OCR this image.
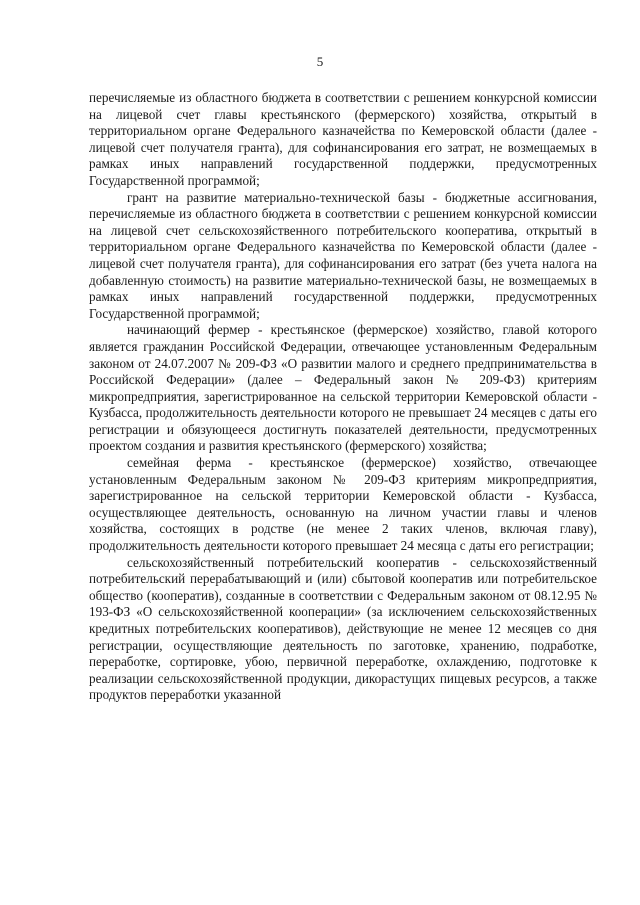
5

перечисляемые из областного бюджета в соответствии с решением конкурсной комиссии на лицевой счет главы крестьянского (фермерского) хозяйства, открытый в территориальном органе Федерального казначейства по Кемеровской области (далее - лицевой счет получателя гранта), для софинансирования его затрат, не возмещаемых в рамках иных направлений государственной поддержки, предусмотренных Государственной программой;

грант на развитие материально-технической базы - бюджетные ассигнования, перечисляемые из областного бюджета в соответствии с решением конкурсной комиссии на лицевой счет сельскохозяйственного потребительского кооператива, открытый в территориальном органе Федерального казначейства по Кемеровской области (далее - лицевой счет получателя гранта), для софинансирования его затрат (без учета налога на добавленную стоимость) на развитие материально-технической базы, не возмещаемых в рамках иных направлений государственной поддержки, предусмотренных Государственной программой;

начинающий фермер - крестьянское (фермерское) хозяйство, главой которого является гражданин Российской Федерации, отвечающее установленным Федеральным законом от 24.07.2007 № 209-ФЗ «О развитии малого и среднего предпринимательства в Российской Федерации» (далее – Федеральный закон № 209-ФЗ) критериям микропредприятия, зарегистрированное на сельской территории Кемеровской области - Кузбасса, продолжительность деятельности которого не превышает 24 месяцев с даты его регистрации и обязующееся достигнуть показателей деятельности, предусмотренных проектом создания и развития крестьянского (фермерского) хозяйства;

семейная ферма - крестьянское (фермерское) хозяйство, отвечающее установленным Федеральным законом № 209-ФЗ критериям микропредприятия, зарегистрированное на сельской территории Кемеровской области - Кузбасса, осуществляющее деятельность, основанную на личном участии главы и членов хозяйства, состоящих в родстве (не менее 2 таких членов, включая главу), продолжительность деятельности которого превышает 24 месяца с даты его регистрации;

сельскохозяйственный потребительский кооператив - сельскохозяйственный потребительский перерабатывающий и (или) сбытовой кооператив или потребительское общество (кооператив), созданные в соответствии с Федеральным законом от 08.12.95 № 193-ФЗ «О сельскохозяйственной кооперации» (за исключением сельскохозяйственных кредитных потребительских кооперативов), действующие не менее 12 месяцев со дня регистрации, осуществляющие деятельность по заготовке, хранению, подработке, переработке, сортировке, убою, первичной переработке, охлаждению, подготовке к реализации сельскохозяйственной продукции, дикорастущих пищевых ресурсов, а также продуктов переработки указанной
